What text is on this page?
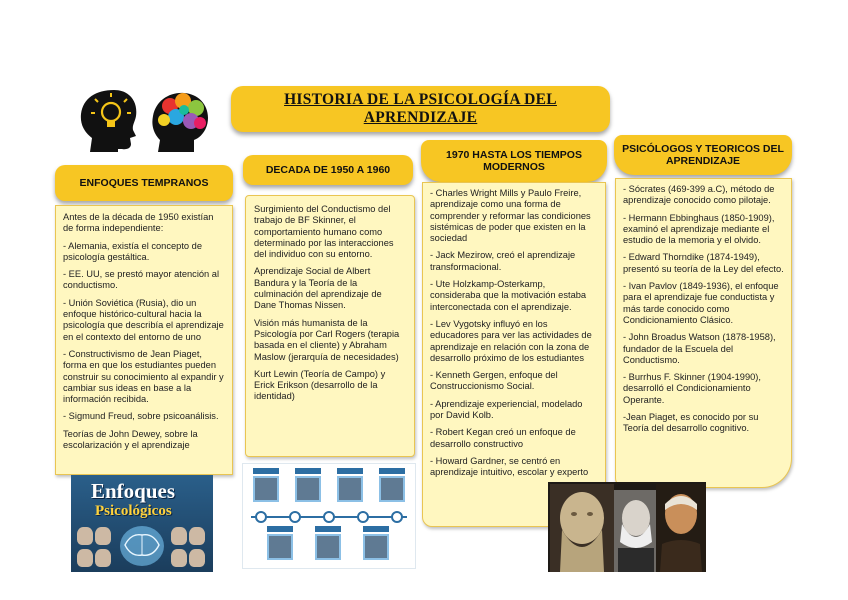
HISTORIA DE LA PSICOLOGÍA DEL APRENDIZAJE
ENFOQUES TEMPRANOS

Antes de la década de 1950 existían de forma independiente:

- Alemania, existía el concepto de psicología gestáltica.

- EE. UU, se prestó mayor atención al conductismo.

- Unión Soviética (Rusia), dio un enfoque histórico-cultural hacia la psicología que describía el aprendizaje en el contexto del entorno de uno

- Constructivismo de Jean Piaget, forma en que los estudiantes pueden construir su conocimiento al expandir y cambiar sus ideas en base a la información recibida.

- Sigmund Freud, sobre psicoanálisis.

Teorías de John Dewey, sobre la escolarización y el aprendizaje

DECADA DE 1950 A 1960

Surgimiento del Conductismo del trabajo de BF Skinner, el comportamiento humano como determinado por las interacciones del individuo con su entorno.

Aprendizaje Social de Albert Bandura y la Teoría de la culminación del aprendizaje de Dane Thomas Nissen.

Visión más humanista de la Psicología por Carl Rogers (terapia basada en el cliente) y Abraham Maslow (jerarquía de necesidades)

Kurt Lewin (Teoría de Campo) y Erick Erikson (desarrollo de la identidad)

1970 HASTA LOS TIEMPOS MODERNOS

- Charles Wright Mills y Paulo Freire, aprendizaje como una forma de comprender y reformar las condiciones sistémicas de poder que existen en la sociedad

- Jack Mezirow, creó el aprendizaje transformacional.

- Ute Holzkamp-Osterkamp, consideraba que la motivación estaba interconectada con el aprendizaje.

- Lev Vygotsky influyó en los educadores para ver las actividades de aprendizaje en relación con la zona de desarrollo próximo de los estudiantes

- Kenneth Gergen, enfoque del Construccionismo Social.

- Aprendizaje experiencial, modelado por David Kolb.

- Robert Kegan creó un enfoque de desarrollo constructivo

- Howard Gardner, se centró en aprendizaje intuitivo, escolar y experto

PSICÓLOGOS Y TEORICOS DEL APRENDIZAJE

- Sócrates (469-399 a.C), método de aprendizaje conocido como pilotaje.

- Hermann Ebbinghaus (1850-1909), examinó el aprendizaje mediante el estudio de la memoria y el olvido.

- Edward Thorndike (1874-1949), presentó su teoría de la Ley del efecto.

- Ivan Pavlov (1849-1936), el enfoque para el aprendizaje fue conductista y más tarde conocido como Condicionamiento Clásico.

- John Broadus Watson (1878-1958), fundador de la Escuela del Conductismo.

- Burrhus F. Skinner (1904-1990), desarrolló el Condicionamiento Operante.

-Jean Piaget, es conocido por su Teoría del desarrollo cognitivo.

Enfoques
Psicológicos
